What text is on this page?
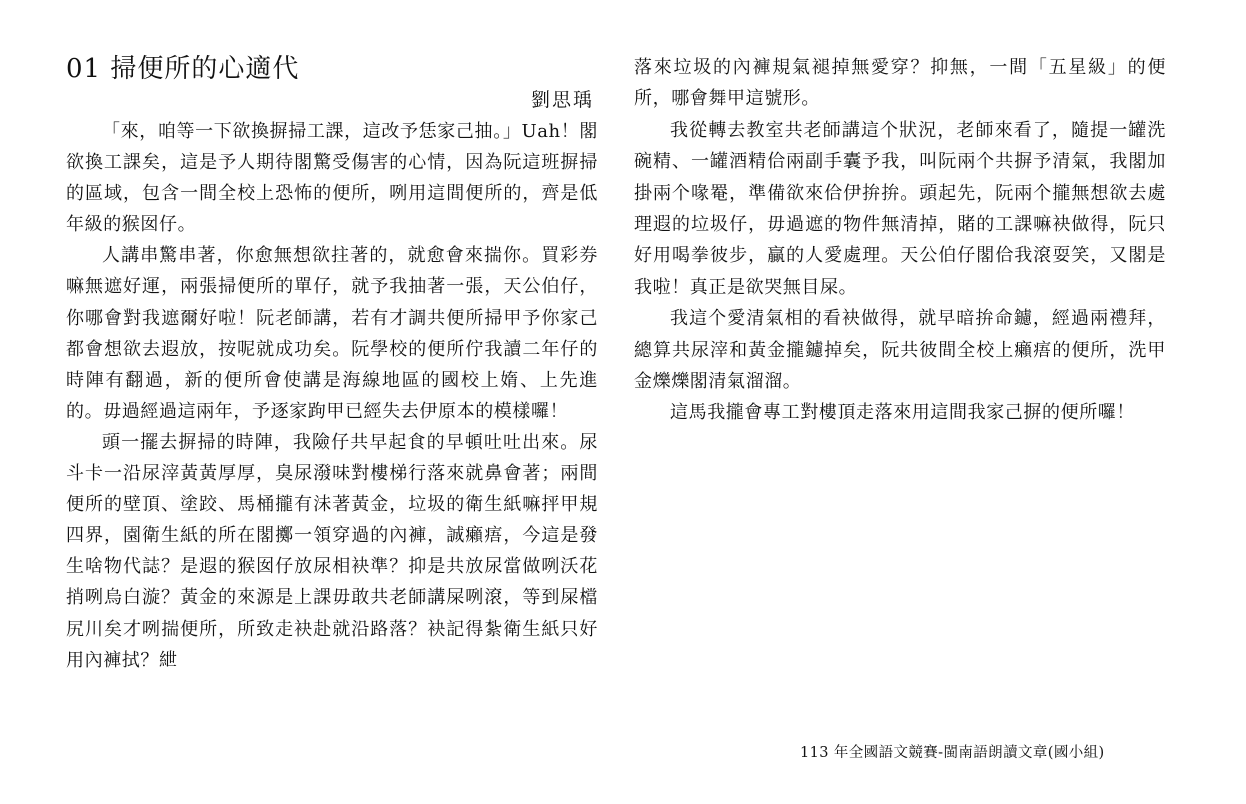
01 掃便所的心適代
劉思瑀

「來，咱等一下欲換摒掃工課，這改予恁家己抽。」Uah！閣欲換工課矣，這是予人期待閣驚受傷害的心情，因為阮這班摒掃的區域，包含一間全校上恐怖的便所，咧用這間便所的，齊是低年級的猴囡仔。

人講串驚串著，你愈無想欲拄著的，就愈會來揣你。買彩券嘛無遮好運，兩張掃便所的單仔，就予我抽著一張，天公伯仔，你哪會對我遮爾好啦！阮老師講，若有才調共便所掃甲予你家己都會想欲去遐放，按呢就成功矣。阮學校的便所佇我讀二年仔的時陣有翻過，新的便所會使講是海線地區的國校上媠、上先進的。毋過經過這兩年，予逐家跔甲已經失去伊原本的模樣囉！

頭一擺去摒掃的時陣，我險仔共早起食的早頓吐吐出來。尿斗卡一沿尿滓黃黃厚厚，臭尿潑味對樓梯行落來就鼻會著；兩間便所的壁頂、塗跤、馬桶攏有沬著黃金，垃圾的衛生紙嘛抨甲規四界，園衛生紙的所在閣擲一領穿過的內褲，誠癩痦，今這是發生啥物代誌？是遐的猴囡仔放尿相袂準？抑是共放尿當做咧沃花捎咧烏白漩？黃金的來源是上課毋敢共老師講屎咧滾，等到屎檔尻川矣才咧揣便所，所致走袂赴就沿路落？袂記得紮衛生紙只好用內褲拭？紲

落來垃圾的內褲規氣褪掉無愛穿？抑無，一間「五星級」的便所，哪會舞甲這號形。

我從轉去教室共老師講這个狀況，老師來看了，隨提一罐洗碗精、一罐酒精佮兩副手囊予我，叫阮兩个共摒予清氣，我閣加掛兩个喙罨，準備欲來佮伊拚拚。頭起先，阮兩个攏無想欲去處理遐的垃圾仔，毋過遮的物件無清掉，賭的工課嘛袂做得，阮只好用喝拳彼步，贏的人愛處理。天公伯仔閣佮我滾耍笑，又閣是我啦！真正是欲哭無目屎。

我這个愛清氣相的看袂做得，就早暗拚命鑢，經過兩禮拜，總算共尿滓和黃金攏鑢掉矣，阮共彼間全校上癩痦的便所，洗甲金爍爍閣清氣溜溜。

這馬我攏會專工對樓頂走落來用這間我家己摒的便所囉！

113 年全國語文競賽-閩南語朗讀文章(國小組)
